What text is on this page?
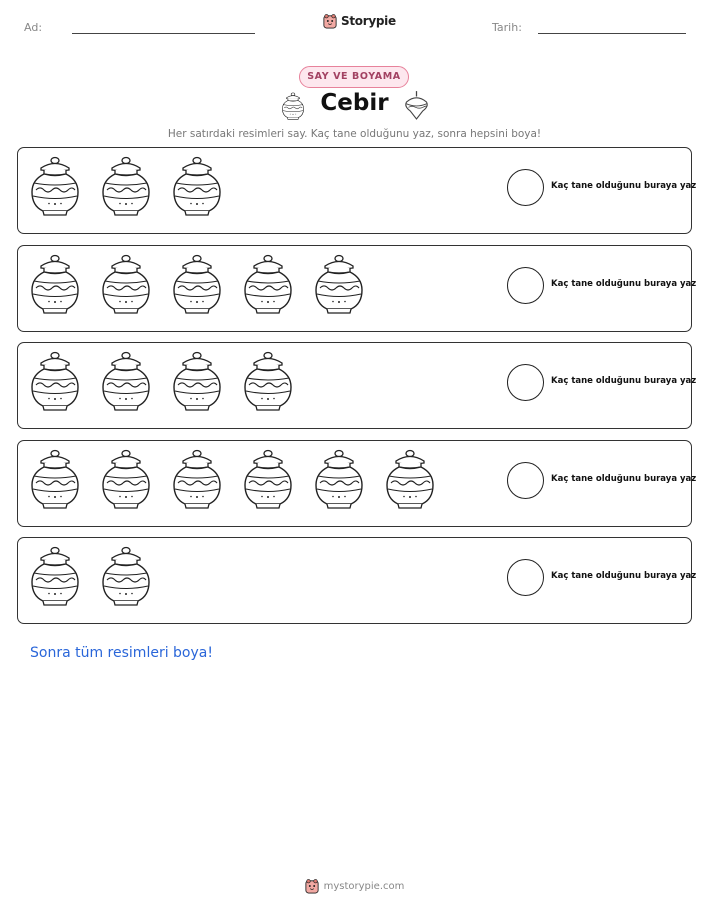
Ad:	Storypie	Tarih:
SAY VE BOYAMA
Cebir
Her satırdaki resimleri say. Kaç tane olduğunu yaz, sonra hepsini boya!
Kaç tane olduğunu buraya yaz
Kaç tane olduğunu buraya yaz
Kaç tane olduğunu buraya yaz
Kaç tane olduğunu buraya yaz
Kaç tane olduğunu buraya yaz
Sonra tüm resimleri boya!
mystorypie.com
